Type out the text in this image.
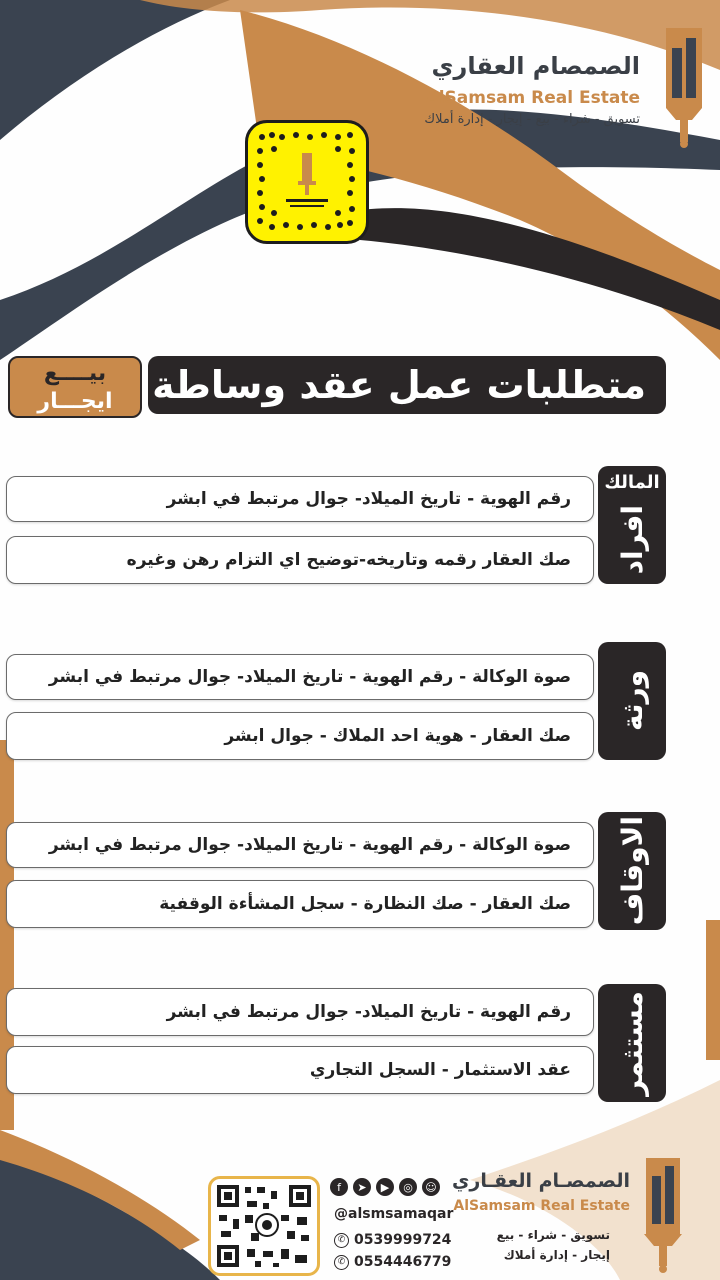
الصمصام العقاري
AlSamsam Real Estate
تسويق - شراء - بيع - إيجار - إدارة أملاك
متطلبات عمل عقد وساطة
بيــــع
ايجـــار
افراد
المالك
رقم الهوية - تاريخ الميلاد- جوال مرتبط في ابشر
صك العقار رقمه وتاريخه-توضيح اي التزام رهن وغيره
ورثة
صوة الوكالة - رقم الهوية - تاريخ الميلاد- جوال مرتبط في ابشر
صك العقار - هوية احد الملاك - جوال ابشر
الاوقاف
صوة الوكالة - رقم الهوية - تاريخ الميلاد- جوال مرتبط في ابشر
صك العقار - صك النظارة - سجل المشأءة الوقفية
مستثمر
رقم الهوية - تاريخ الميلاد- جوال مرتبط في ابشر
عقد الاستثمار - السجل التجاري
الصمصـام العقـاري
AlSamsam Real Estate
تسويق - شراء - بيع
إيجار - إدارة أملاك
f	➤	▶	◎	☺
@alsmsamaqar
✆ 0539999724
✆ 0554446779
